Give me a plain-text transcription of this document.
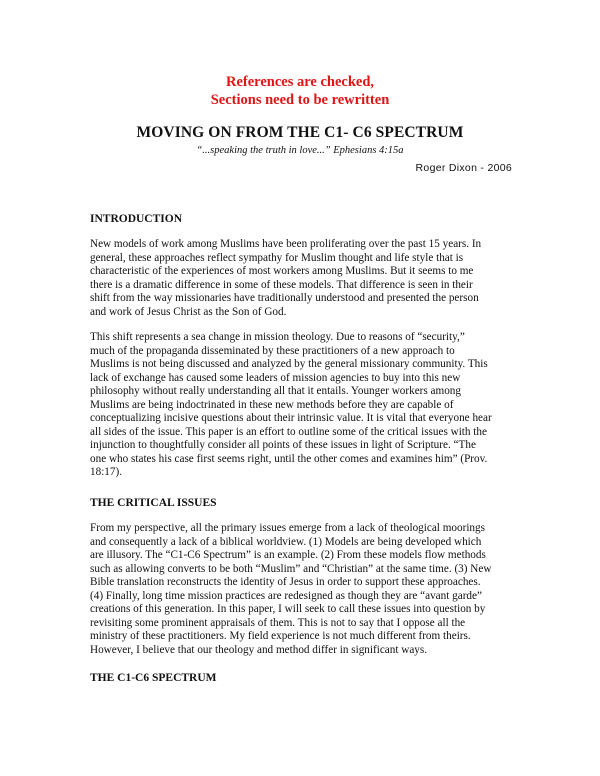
References are checked,
Sections need to be rewritten
MOVING ON FROM THE C1- C6 SPECTRUM
“...speaking the truth in love...” Ephesians 4:15a
Roger Dixon - 2006
INTRODUCTION
New models of work among Muslims have been proliferating over the past 15 years. In
general, these approaches reflect sympathy for Muslim thought and life style that is
characteristic of the experiences of most workers among Muslims. But it seems to me
there is a dramatic difference in some of these models. That difference is seen in their
shift from the way missionaries have traditionally understood and presented the person
and work of Jesus Christ as the Son of God.
This shift represents a sea change in mission theology. Due to reasons of “security,”
much of the propaganda disseminated by these practitioners of a new approach to
Muslims is not being discussed and analyzed by the general missionary community. This
lack of exchange has caused some leaders of mission agencies to buy into this new
philosophy without really understanding all that it entails. Younger workers among
Muslims are being indoctrinated in these new methods before they are capable of
conceptualizing incisive questions about their intrinsic value. It is vital that everyone hear
all sides of the issue. This paper is an effort to outline some of the critical issues with the
injunction to thoughtfully consider all points of these issues in light of Scripture. “The
one who states his case first seems right, until the other comes and examines him” (Prov.
18:17).
THE CRITICAL ISSUES
From my perspective, all the primary issues emerge from a lack of theological moorings
and consequently a lack of a biblical worldview. (1) Models are being developed which
are illusory. The “C1-C6 Spectrum” is an example. (2) From these models flow methods
such as allowing converts to be both “Muslim” and “Christian” at the same time. (3) New
Bible translation reconstructs the identity of Jesus in order to support these approaches.
(4) Finally, long time mission practices are redesigned as though they are “avant garde”
creations of this generation. In this paper, I will seek to call these issues into question by
revisiting some prominent appraisals of them. This is not to say that I oppose all the
ministry of these practitioners. My field experience is not much different from theirs.
However, I believe that our theology and method differ in significant ways.
THE C1-C6 SPECTRUM
